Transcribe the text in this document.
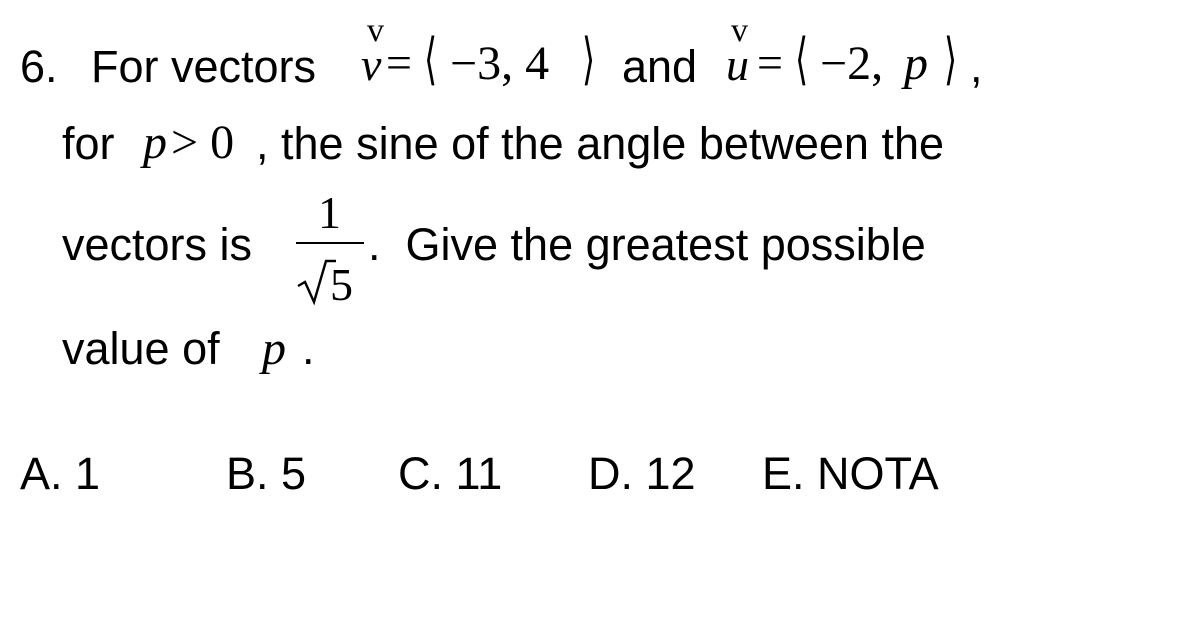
6. For vectors
v
v = ⟨ −3, 4 ⟩ and
v
u = ⟨ −2, p ⟩ ,
for p > 0 , the sine of the angle between the
vectors is
1
5
.  Give the greatest possible
value of p .
A. 1	B. 5 C. 11 D. 12 E. NOTA
